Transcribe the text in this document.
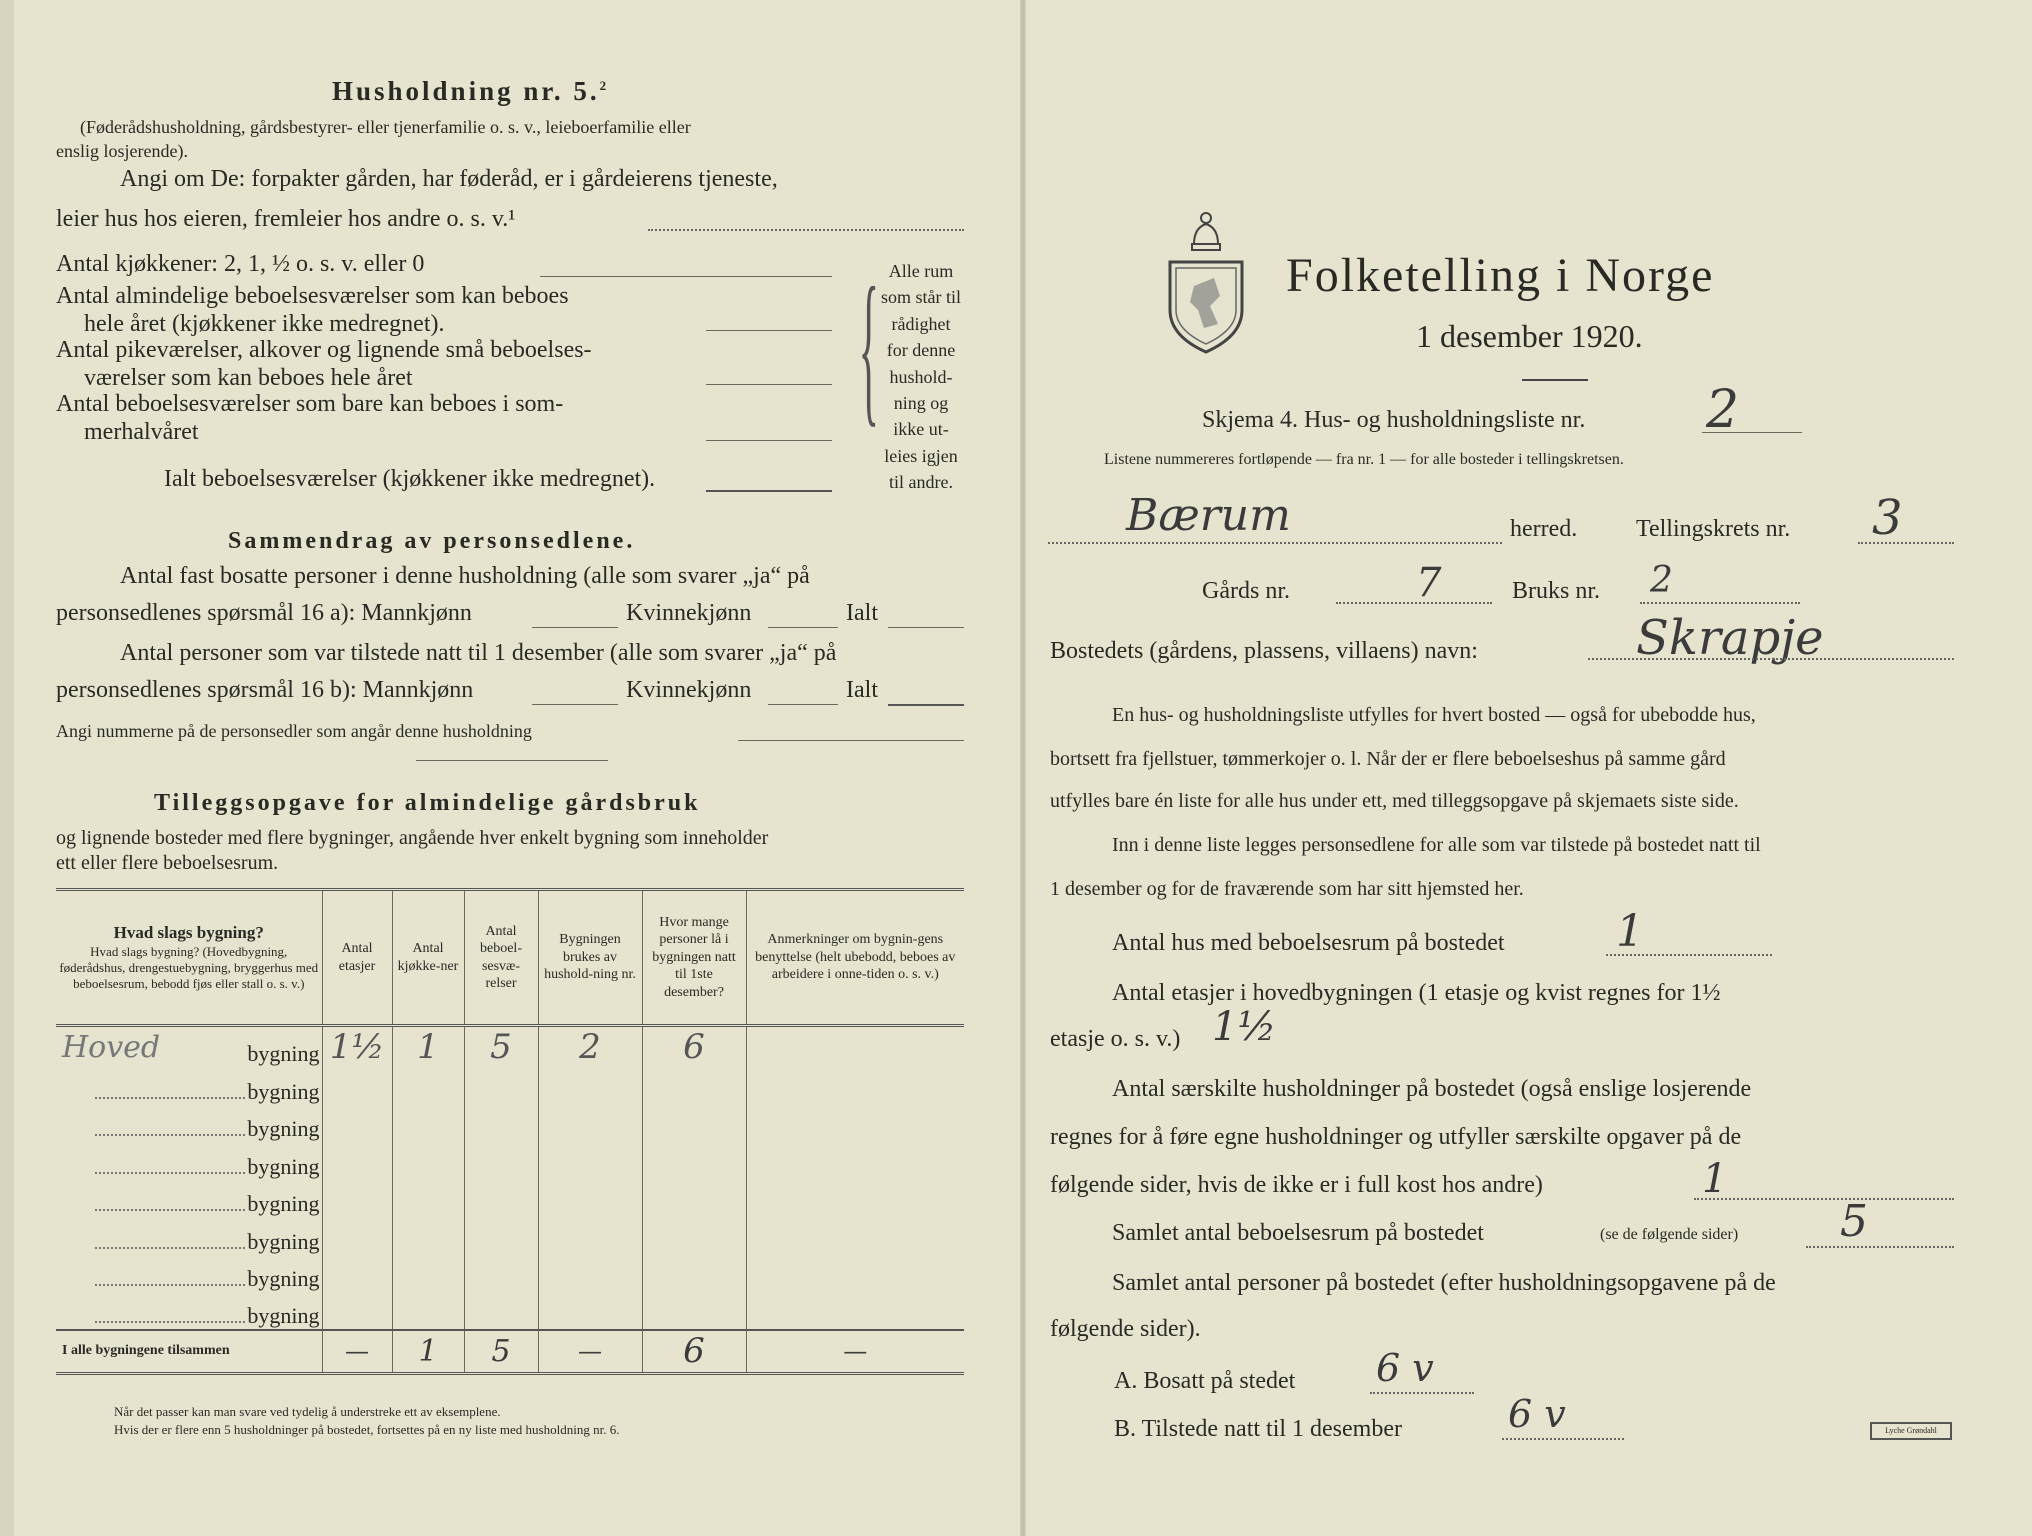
Husholdning nr. 5.$^2$
(Føderådshusholdning, gårdsbestyrer- eller tjenerfamilie o. s. v., leieboerfamilie eller
enslig losjerende).
Angi om De: forpakter gården, har føderåd, er i gårdeierens tjeneste,
leier hus hos eieren, fremleier hos andre o. s. v.¹
Antal kjøkkener: 2, 1, ½ o. s. v. eller 0
Antal almindelige beboelsesværelser som kan beboes
hele året (kjøkkener ikke medregnet).
Antal pikeværelser, alkover og lignende små beboelses-
værelser som kan beboes hele året
Antal beboelsesværelser som bare kan beboes i som-
merhalvåret
Ialt beboelsesværelser (kjøkkener ikke medregnet).
{ Alle rum
som står til
rådighet
for denne
hushold-
ning og
ikke ut-
leies igjen
til andre.
Sammendrag av personsedlene.
Antal fast bosatte personer i denne husholdning (alle som svarer „ja“ på
personsedlenes spørsmål 16 a): Mannkjønn	Kvinnekjønn	Ialt
Antal personer som var tilstede natt til 1 desember (alle som svarer „ja“ på
personsedlenes spørsmål 16 b): Mannkjønn	Kvinnekjønn	Ialt
Angi nummerne på de personsedler som angår denne husholdning
Tilleggsopgave for almindelige gårdsbruk
og lignende bosteder med flere bygninger, angående hver enkelt bygning som inneholder
ett eller flere beboelsesrum.
Hvad slags bygning?

Hvad slags bygning? (Hovedbygning, føderådshus, drengestuebygning, bryggerhus med beboelsesrum, bebodd fjøs eller stall o. s. v.)	Antal etasjer	Antal kjøkke-ner	Antal beboel-sesvæ-relser	Bygningen brukes av hushold-ning nr.	Hvor mange personer lå i bygningen natt til 1ste desember?	Anmerkninger om bygnin-gens benyttelse (helt ubebodd, beboes av arbeidere i onne-tiden o. s. v.)

Hoved bygning	1½	1	5	2	6	

bygning						

bygning						

bygning						

bygning						

bygning						

bygning						

bygning						
I alle bygningene tilsammen	—	1	5	—	6	—
Når det passer kan man svare ved tydelig å understreke ett av eksemplene.
Hvis der er flere enn 5 husholdninger på bostedet, fortsettes på en ny liste med husholdning nr. 6.
Folketelling i Norge
1 desember 1920.
Skjema 4. Hus- og husholdningsliste nr. 2
Listene nummereres fortløpende — fra nr. 1 — for alle bosteder i tellingskretsen.
Bærum	herred. Tellingskrets nr. 3
Gårds nr.	7	Bruks nr. 2
Bostedets (gårdens, plassens, villaens) navn:	Skrapje
En hus- og husholdningsliste utfylles for hvert bosted — også for ubebodde hus,
bortsett fra fjellstuer, tømmerkojer o. l. Når der er flere beboelseshus på samme gård
utfylles bare én liste for alle hus under ett, med tilleggsopgave på skjemaets siste side.
Inn i denne liste legges personsedlene for alle som var tilstede på bostedet natt til
1 desember og for de fraværende som har sitt hjemsted her.
Antal hus med beboelsesrum på bostedet	1
Antal etasjer i hovedbygningen (1 etasje og kvist regnes for 1½
etasje o. s. v.) 1½
Antal særskilte husholdninger på bostedet (også enslige losjerende
regnes for å føre egne husholdninger og utfyller særskilte opgaver på de
følgende sider, hvis de ikke er i full kost hos andre)	1
Samlet antal beboelsesrum på bostedet	(se de følgende sider) 5
Samlet antal personer på bostedet (efter husholdningsopgavene på de
følgende sider).
A. Bosatt på stedet 6 v
B. Tilstede natt til 1 desember	6 v	Lyche Grøndahl
